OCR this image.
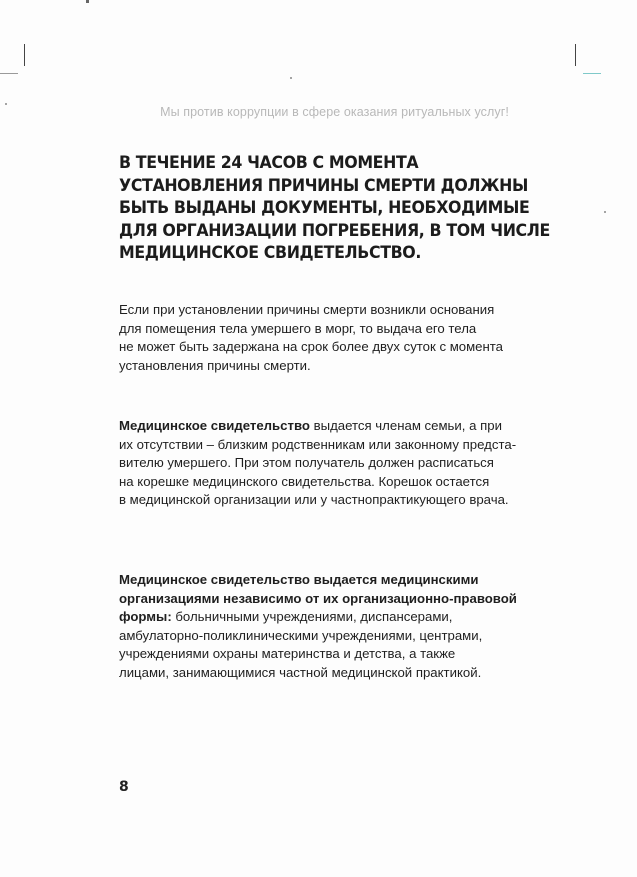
Мы против коррупции в сфере оказания ритуальных услуг!
В ТЕЧЕНИЕ 24 ЧАСОВ С МОМЕНТА
УСТАНОВЛЕНИЯ ПРИЧИНЫ СМЕРТИ ДОЛЖНЫ
БЫТЬ ВЫДАНЫ ДОКУМЕНТЫ, НЕОБХОДИМЫЕ
ДЛЯ ОРГАНИЗАЦИИ ПОГРЕБЕНИЯ, В ТОМ ЧИСЛЕ
МЕДИЦИНСКОЕ СВИДЕТЕЛЬСТВО.
Если при установлении причины смерти возникли основания
для помещения тела умершего в морг, то выдача его тела
не может быть задержана на срок более двух суток с момента
установления причины смерти.
Медицинское свидетельство выдается членам семьи, а при
их отсутствии – близким родственникам или законному предста-
вителю умершего. При этом получатель должен расписаться
на корешке медицинского свидетельства. Корешок остается
в медицинской организации или у частнопрактикующего врача.
Медицинское свидетельство выдается медицинскими
организациями независимо от их организационно-правовой
формы: больничными учреждениями, диспансерами,
амбулаторно-поликлиническими учреждениями, центрами,
учреждениями охраны материнства и детства, а также
лицами, занимающимися частной медицинской практикой.
8
